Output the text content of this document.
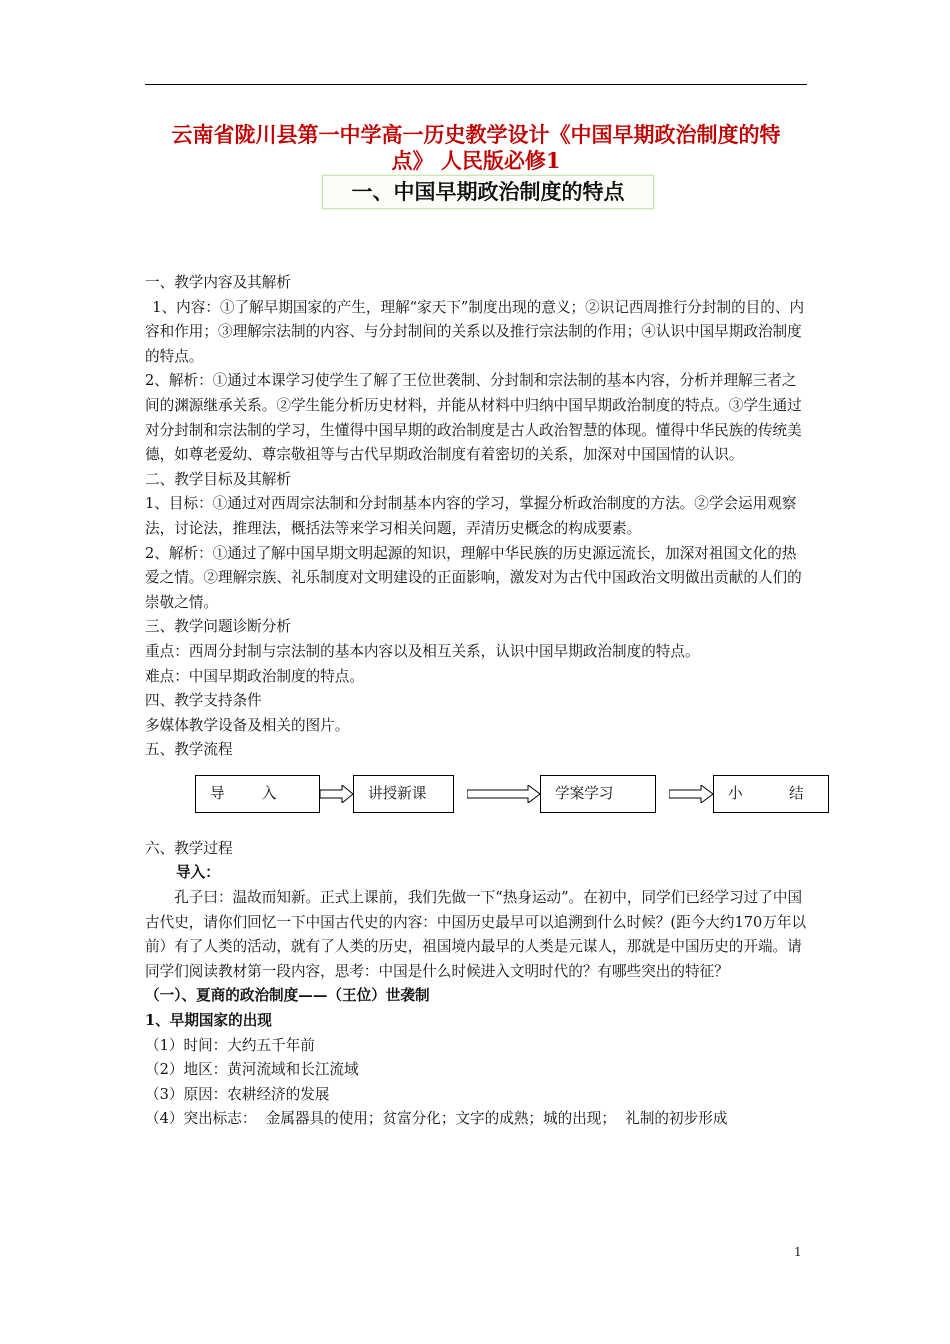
云南省陇川县第一中学高一历史教学设计《中国早期政治制度的特
点》 人民版必修1
一、中国早期政治制度的特点

一、教学内容及其解析

1、内容：①了解早期国家的产生，理解“家天下”制度出现的意义；②识记西周推行分封制的目的、内容和作用；③理解宗法制的内容、与分封制间的关系以及推行宗法制的作用；④认识中国早期政治制度的特点。

2、解析：①通过本课学习使学生了解了王位世袭制、分封制和宗法制的基本内容，分析并理解三者之间的渊源继承关系。②学生能分析历史材料，并能从材料中归纳中国早期政治制度的特点。③学生通过对分封制和宗法制的学习，生懂得中国早期的政治制度是古人政治智慧的体现。懂得中华民族的传统美德，如尊老爱幼、尊宗敬祖等与古代早期政治制度有着密切的关系，加深对中国国情的认识。

二、教学目标及其解析

1、目标：①通过对西周宗法制和分封制基本内容的学习，掌握分析政治制度的方法。②学会运用观察法，讨论法，推理法，概括法等来学习相关问题，弄清历史概念的构成要素。

2、解析：①通过了解中国早期文明起源的知识，理解中华民族的历史源远流长，加深对祖国文化的热爱之情。②理解宗族、礼乐制度对文明建设的正面影响，激发对为古代中国政治文明做出贡献的人们的崇敬之情。

三、教学问题诊断分析

重点：西周分封制与宗法制的基本内容以及相互关系，认识中国早期政治制度的特点。

难点：中国早期政治制度的特点。

四、教学支持条件

多媒体教学设备及相关的图片。

五、教学流程

导        入	讲授新课	学案学习	小          结

六、教学过程

导入：

孔子曰：温故而知新。正式上课前，我们先做一下“热身运动”。在初中，同学们已经学习过了中国古代史，请你们回忆一下中国古代史的内容：中国历史最早可以追溯到什么时候？(距今大约170万年以前）有了人类的活动，就有了人类的历史，祖国境内最早的人类是元谋人，那就是中国历史的开端。请同学们阅读教材第一段内容，思考：中国是什么时候进入文明时代的？有哪些突出的特征？

（一）、夏商的政治制度——（王位）世袭制

1、早期国家的出现

（1）时间：大约五千年前

（2）地区：黄河流域和长江流域

（3）原因：农耕经济的发展

（4）突出标志：  金属器具的使用；贫富分化；文字的成熟；城的出现；  礼制的初步形成

1
